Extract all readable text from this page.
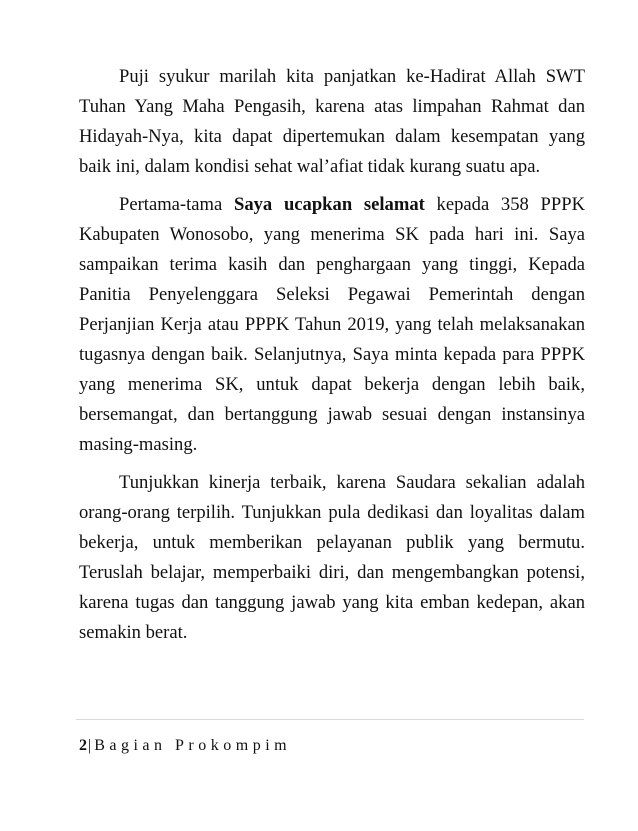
Puji syukur marilah kita panjatkan ke-Hadirat Allah SWT Tuhan Yang Maha Pengasih, karena atas limpahan Rahmat dan Hidayah-Nya, kita dapat dipertemukan dalam kesempatan yang baik ini, dalam kondisi sehat wal’afiat tidak kurang suatu apa.

Pertama-tama Saya ucapkan selamat kepada 358 PPPK Kabupaten Wonosobo, yang menerima SK pada hari ini. Saya sampaikan terima kasih dan penghargaan yang tinggi, Kepada Panitia Penyelenggara Seleksi Pegawai Pemerintah dengan Perjanjian Kerja atau PPPK Tahun 2019, yang telah melaksanakan tugasnya dengan baik. Selanjutnya, Saya minta kepada para PPPK yang menerima SK, untuk dapat bekerja dengan lebih baik, bersemangat, dan bertanggung jawab sesuai dengan instansinya masing-masing.

Tunjukkan kinerja terbaik, karena Saudara sekalian adalah orang-orang terpilih. Tunjukkan pula dedikasi dan loyalitas dalam bekerja, untuk memberikan pelayanan publik yang bermutu. Teruslah belajar, memperbaiki diri, dan mengembangkan potensi, karena tugas dan tanggung jawab yang kita emban kedepan, akan semakin berat.

2| Bagian Prokompim
